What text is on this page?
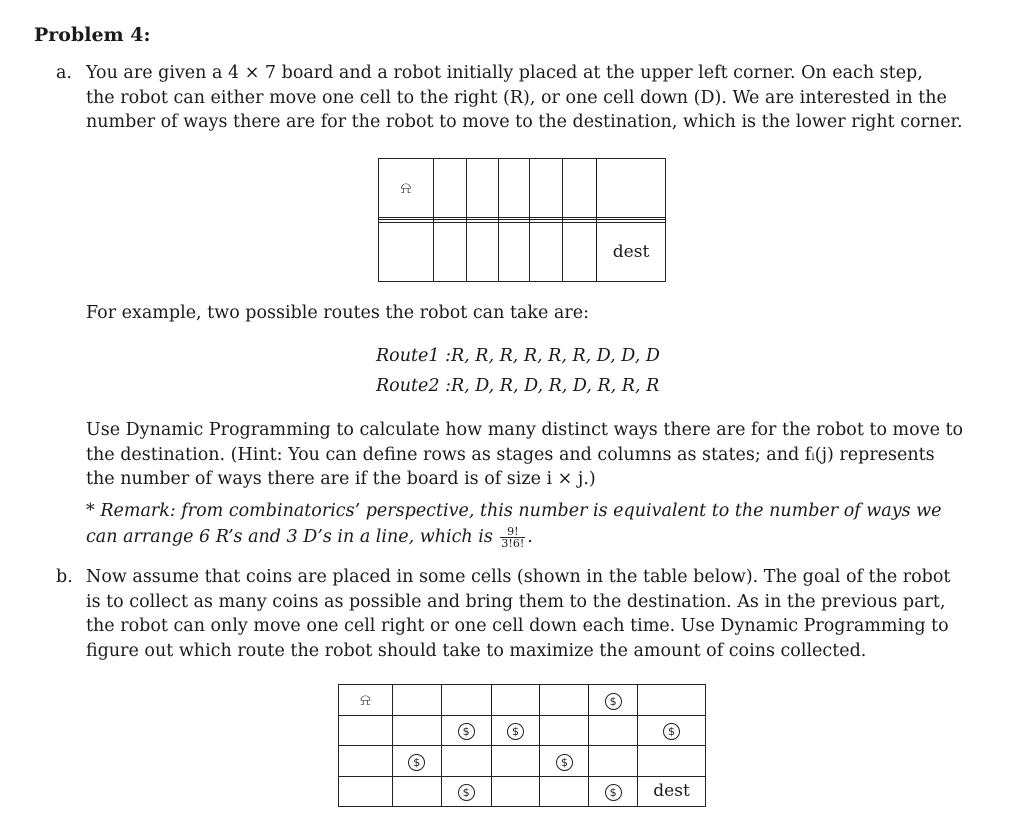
Problem 4:
a. You are given a 4 × 7 board and a robot initially placed at the upper left corner. On each step,
the robot can either move one cell to the right (R), or one cell down (D). We are interested in the
number of ways there are for the robot to move to the destination, which is the lower right corner.
⍾						

						dest
For example, two possible routes the robot can take are:
Route1 :R, R, R, R, R, R, D, D, D
Route2 :R, D, R, D, R, D, R, R, R
Use Dynamic Programming to calculate how many distinct ways there are for the robot to move to
the destination. (Hint: You can define rows as stages and columns as states; and fᵢ(j) represents
the number of ways there are if the board is of size i × j.)
* Remark: from combinatorics’ perspective, this number is equivalent to the number of ways we
can arrange 6 R’s and 3 D’s in a line, which is $\frac{9!}{3!6!}$ .
b. Now assume that coins are placed in some cells (shown in the table below). The goal of the robot
is to collect as many coins as possible and bring them to the destination. As in the previous part,
the robot can only move one cell right or one cell down each time. Use Dynamic Programming to
figure out which route the robot should take to maximize the amount of coins collected.
⍾					$	
		$	$			$
	$			$		
		$			$	dest
